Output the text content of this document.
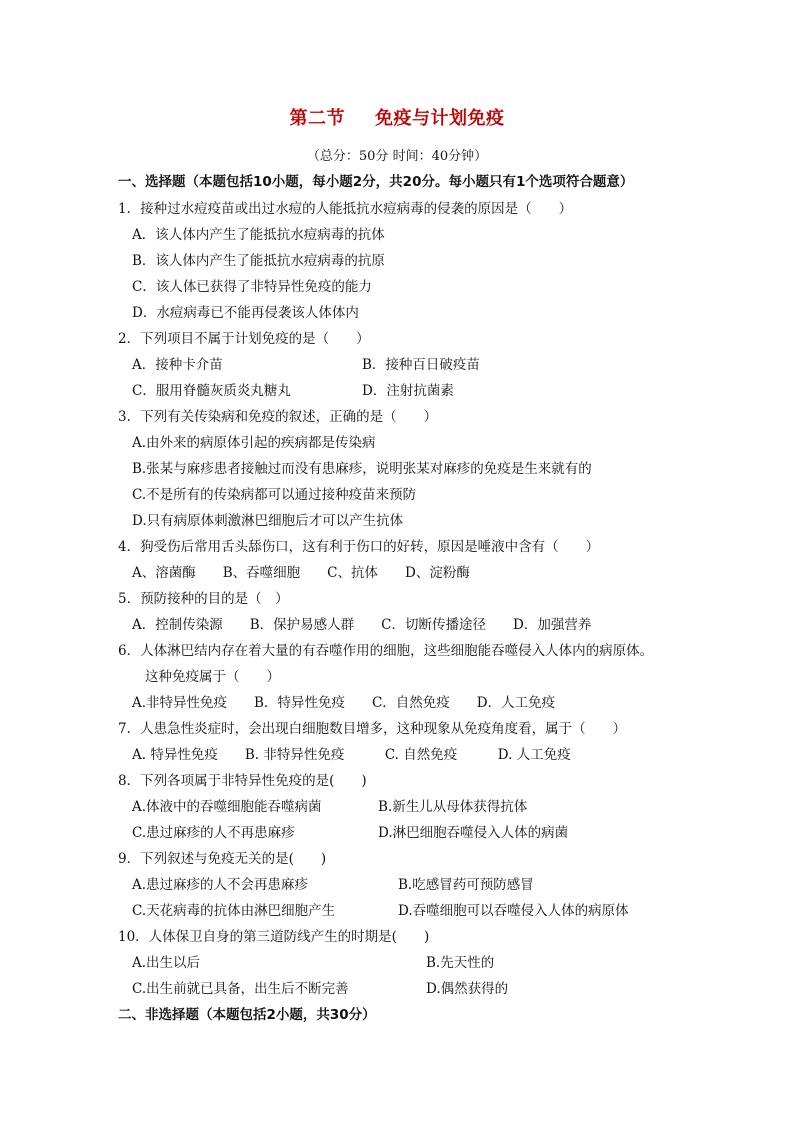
第二节 免疫与计划免疫
（总分：50分 时间：40分钟）
一、选择题（本题包括10小题，每小题2分，共20分。每小题只有1个选项符合题意）
1．接种过水痘疫苗或出过水痘的人能抵抗水痘病毒的侵袭的原因是（　　）
A．该人体内产生了能抵抗水痘病毒的抗体
B．该人体内产生了能抵抗水痘病毒的抗原
C．该人体已获得了非特异性免疫的能力
D．水痘病毒已不能再侵袭该人体体内
2．下列项目不属于计划免疫的是（　　）
A．接种卡介苗	B．接种百日破疫苗
C．服用脊髓灰质炎丸糖丸	D．注射抗菌素
3．下列有关传染病和免疫的叙述，正确的是（　　）
A.由外来的病原体引起的疾病都是传染病
B.张某与麻疹患者接触过而没有患麻疹，说明张某对麻疹的免疫是生来就有的
C.不是所有的传染病都可以通过接种疫苗来预防
D.只有病原体刺激淋巴细胞后才可以产生抗体
4．狗受伤后常用舌头舔伤口，这有利于伤口的好转，原因是唾液中含有（　　）
A、溶菌酶　　B、吞噬细胞　　C、抗体　　D、淀粉酶
5．预防接种的目的是（　）
A．控制传染源　　B．保护易感人群　　C．切断传播途径　　D．加强营养
6．人体淋巴结内存在着大量的有吞噬作用的细胞，这些细胞能吞噬侵入人体内的病原体。
这种免疫属于（　　）
A.非特异性免疫　　B．特异性免疫　　C．自然免疫　　D．人工免疫
7．人患急性炎症时，会出现白细胞数目增多，这种现象从免疫角度看，属于（　　）
A. 特异性免疫　　B. 非特异性免疫　　　C. 自然免疫　　　D. 人工免疫
8．下列各项属于非特异性免疫的是(　　)
A.体液中的吞噬细胞能吞噬病菌	B.新生儿从母体获得抗体
C.患过麻疹的人不再患麻疹	D.淋巴细胞吞噬侵入人体的病菌
9．下列叙述与免疫无关的是(　　)
A.患过麻疹的人不会再患麻疹	B.吃感冒药可预防感冒
C.天花病毒的抗体由淋巴细胞产生	D.吞噬细胞可以吞噬侵入人体的病原体
10．人体保卫自身的第三道防线产生的时期是(　　)
A.出生以后	B.先天性的
C.出生前就已具备，出生后不断完善	D.偶然获得的
二、非选择题（本题包括2小题，共30分）
